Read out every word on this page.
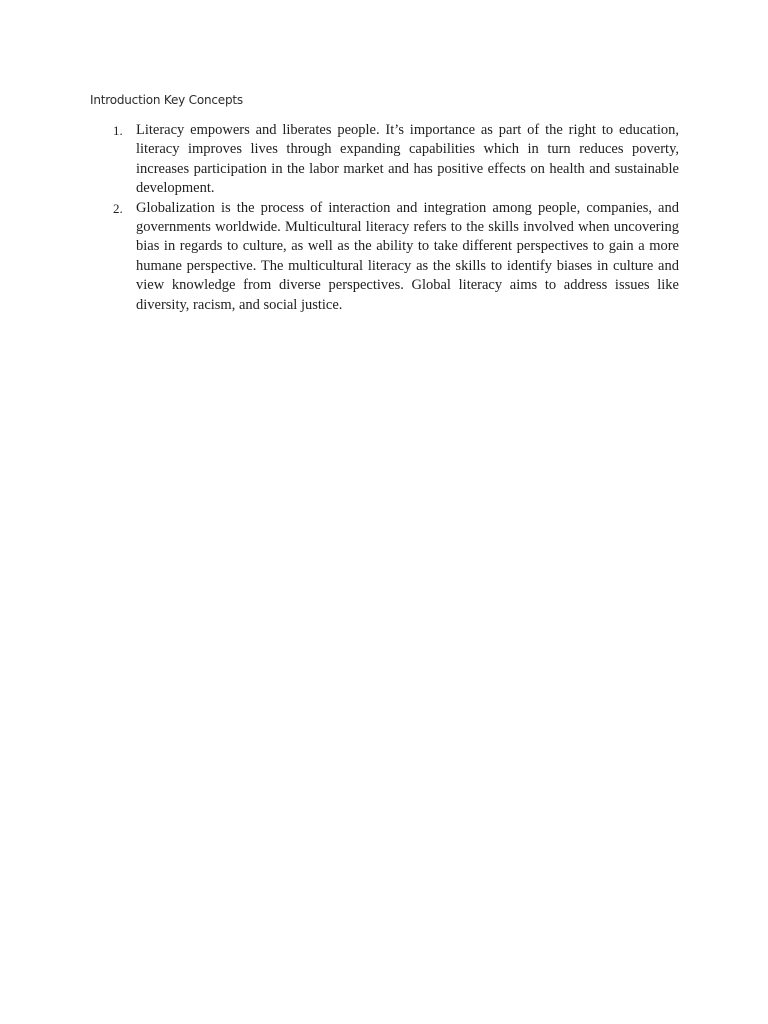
Introduction Key Concepts

1. Literacy empowers and liberates people. It’s importance as part of the right to education, literacy improves lives through expanding capabilities which in turn reduces poverty, increases participation in the labor market and has positive effects on health and sustainable development.
2. Globalization is the process of interaction and integration among people, companies, and governments worldwide. Multicultural literacy refers to the skills involved when uncovering bias in regards to culture, as well as the ability to take different perspectives to gain a more humane perspective. The multicultural literacy as the skills to identify biases in culture and view knowledge from diverse perspectives. Global literacy aims to address issues like diversity, racism, and social justice.
